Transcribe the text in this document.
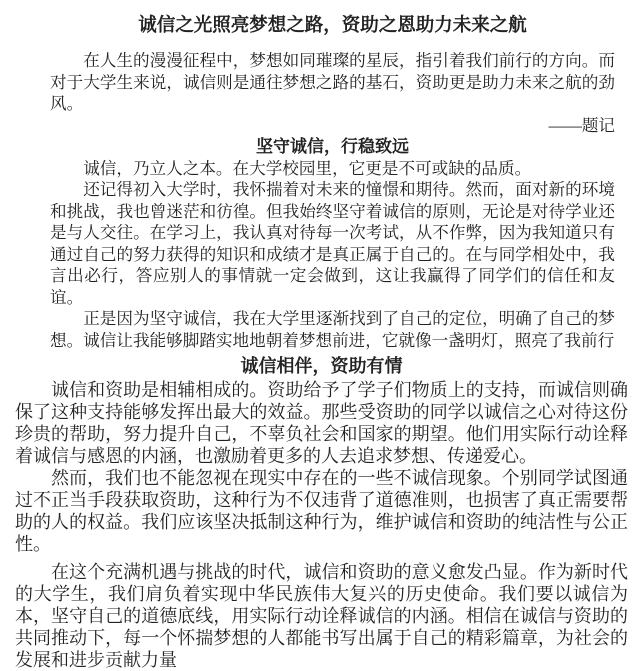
诚信之光照亮梦想之路，资助之恩助力未来之航

在人生的漫漫征程中，梦想如同璀璨的星辰，指引着我们前行的方向。而对于大学生来说，诚信则是通往梦想之路的基石，资助更是助力未来之航的劲风。

——题记

坚守诚信，行稳致远

诚信，乃立人之本。在大学校园里，它更是不可或缺的品质。

还记得初入大学时，我怀揣着对未来的憧憬和期待。然而，面对新的环境和挑战，我也曾迷茫和彷徨。但我始终坚守着诚信的原则，无论是对待学业还是与人交往。在学习上，我认真对待每一次考试，从不作弊，因为我知道只有通过自己的努力获得的知识和成绩才是真正属于自己的。在与同学相处中，我言出必行，答应别人的事情就一定会做到，这让我赢得了同学们的信任和友谊。

正是因为坚守诚信，我在大学里逐渐找到了自己的定位，明确了自己的梦想。诚信让我能够脚踏实地地朝着梦想前进，它就像一盏明灯，照亮了我前行

诚信相伴，资助有情

诚信和资助是相辅相成的。资助给予了学子们物质上的支持，而诚信则确保了这种支持能够发挥出最大的效益。那些受资助的同学以诚信之心对待这份珍贵的帮助，努力提升自己，不辜负社会和国家的期望。他们用实际行动诠释着诚信与感恩的内涵，也激励着更多的人去追求梦想、传递爱心。

然而，我们也不能忽视在现实中存在的一些不诚信现象。个别同学试图通过不正当手段获取资助，这种行为不仅违背了道德准则，也损害了真正需要帮助的人的权益。我们应该坚决抵制这种行为，维护诚信和资助的纯洁性与公正性。

在这个充满机遇与挑战的时代，诚信和资助的意义愈发凸显。作为新时代的大学生，我们肩负着实现中华民族伟大复兴的历史使命。我们要以诚信为本，坚守自己的道德底线，用实际行动诠释诚信的内涵。相信在诚信与资助的共同推动下，每一个怀揣梦想的人都能书写出属于自己的精彩篇章，为社会的发展和进步贡献力量
